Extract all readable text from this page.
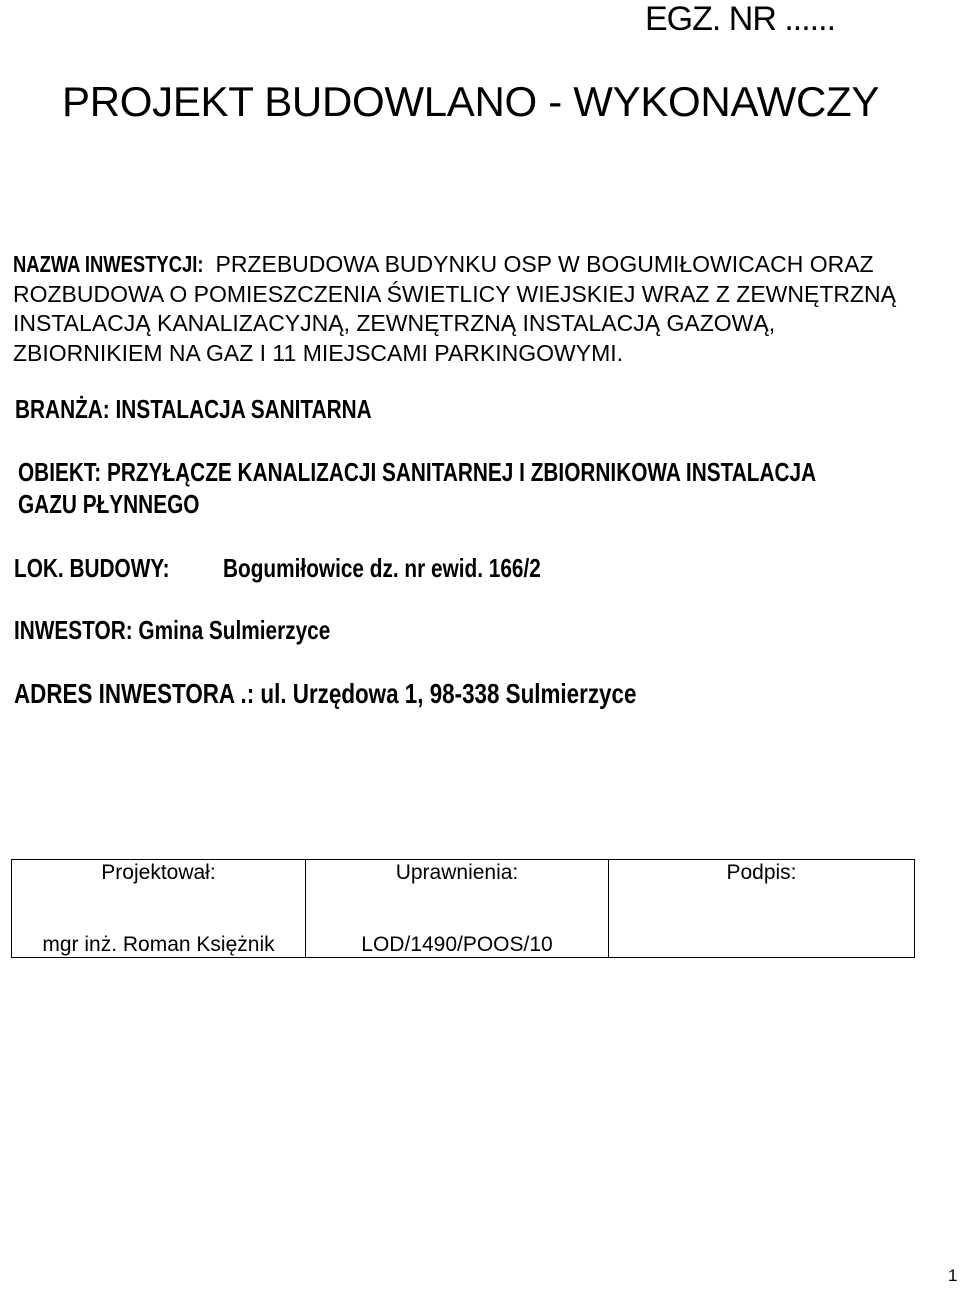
EGZ. NR ......
PROJEKT BUDOWLANO - WYKONAWCZY
NAZWA INWESTYCJI: PRZEBUDOWA BUDYNKU OSP W BOGUMIŁOWICACH ORAZ
ROZBUDOWA O POMIESZCZENIA ŚWIETLICY WIEJSKIEJ WRAZ Z ZEWNĘTRZNĄ
INSTALACJĄ KANALIZACYJNĄ, ZEWNĘTRZNĄ INSTALACJĄ GAZOWĄ,
ZBIORNIKIEM NA GAZ I 11 MIEJSCAMI PARKINGOWYMI.
BRANŻA: INSTALACJA SANITARNA
OBIEKT: PRZYŁĄCZE KANALIZACJI SANITARNEJ I ZBIORNIKOWA INSTALACJA
GAZU PŁYNNEGO
LOK. BUDOWY:	Bogumiłowice dz. nr ewid. 166/2
INWESTOR: Gmina Sulmierzyce
ADRES INWESTORA .: ul. Urzędowa 1, 98-338 Sulmierzyce
Projektował:
mgr inż. Roman Księżnik

Uprawnienia:
LOD/1490/POOS/10

Podpis:
1
